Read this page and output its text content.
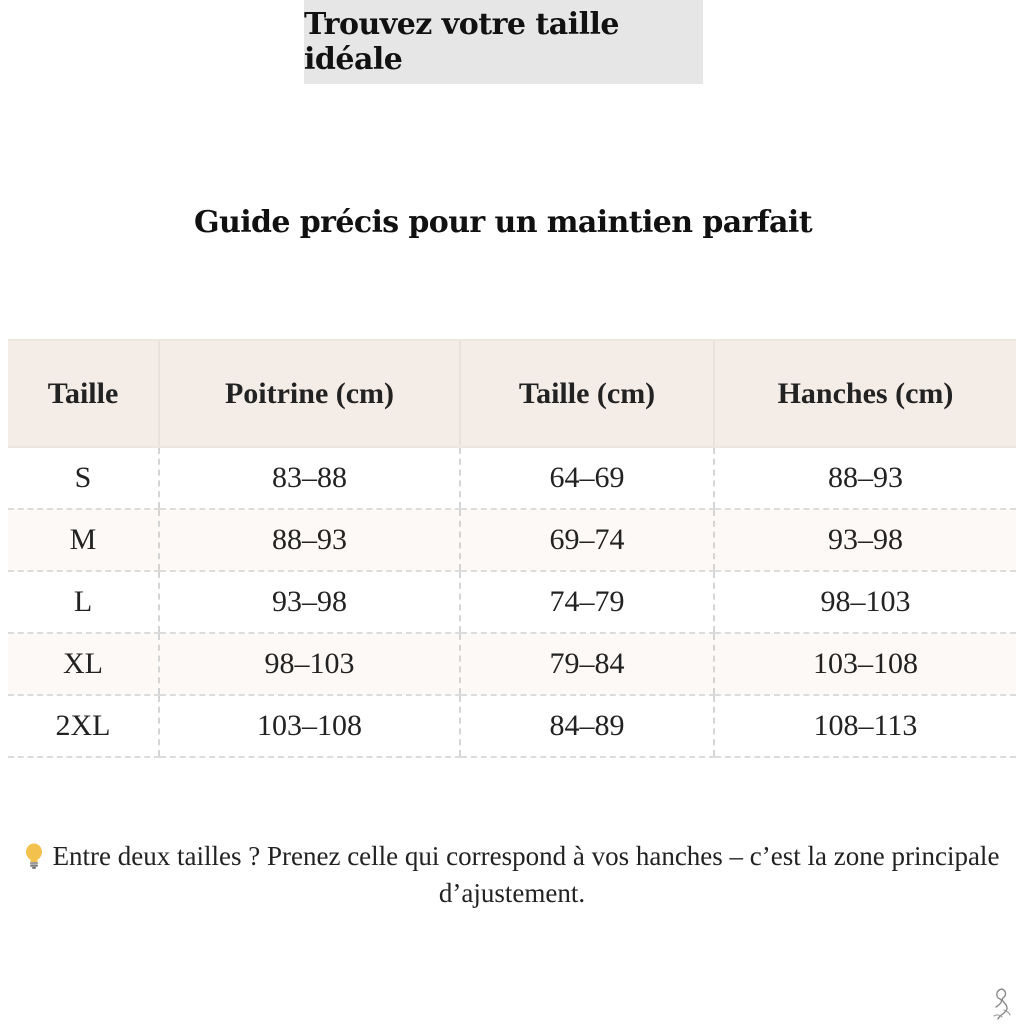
Trouvez votre taille idéale
Guide précis pour un maintien parfait
Taille	Poitrine (cm)	Taille (cm)	Hanches (cm)
S	83–88	64–69	88–93
M	88–93	69–74	93–98
L	93–98	74–79	98–103
XL	98–103	79–84	103–108
2XL	103–108	84–89	108–113
Entre deux tailles ? Prenez celle qui correspond à vos hanches – c’est la zone principale d’ajustement.
